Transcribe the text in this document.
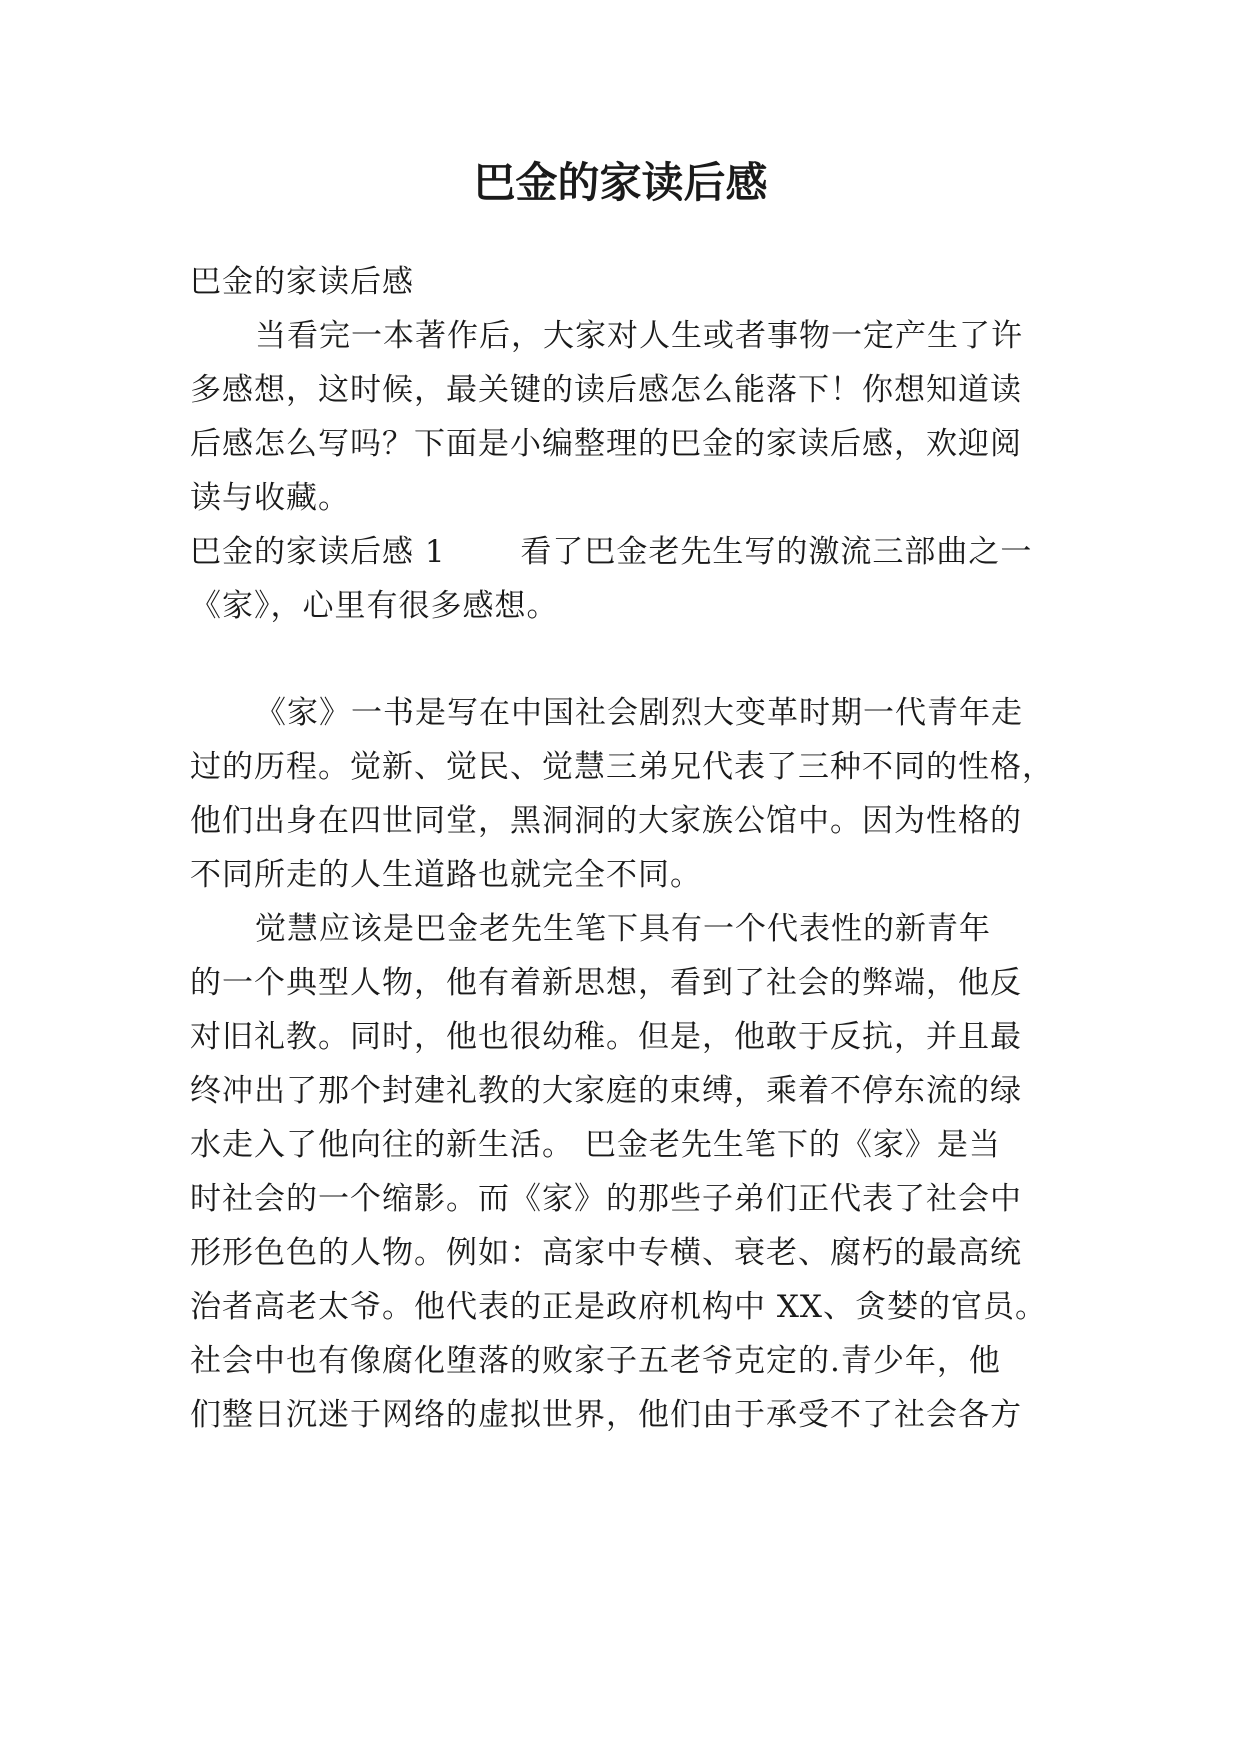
巴金的家读后感
巴金的家读后感
当看完一本著作后，大家对人生或者事物一定产生了许
多感想，这时候，最关键的读后感怎么能落下！你想知道读
后感怎么写吗？下面是小编整理的巴金的家读后感，欢迎阅
读与收藏。
巴金的家读后感 1　　 看了巴金老先生写的激流三部曲之一
《家》，心里有很多感想。
《家》一书是写在中国社会剧烈大变革时期一代青年走
过的历程。觉新、觉民、觉慧三弟兄代表了三种不同的性格，
他们出身在四世同堂，黑洞洞的大家族公馆中。因为性格的
不同所走的人生道路也就完全不同。
觉慧应该是巴金老先生笔下具有一个代表性的新青年
的一个典型人物，他有着新思想，看到了社会的弊端，他反
对旧礼教。同时，他也很幼稚。但是，他敢于反抗，并且最
终冲出了那个封建礼教的大家庭的束缚，乘着不停东流的绿
水走入了他向往的新生活。 巴金老先生笔下的《家》是当
时社会的一个缩影。而《家》的那些子弟们正代表了社会中
形形色色的人物。例如：高家中专横、衰老、腐朽的最高统
治者高老太爷。他代表的正是政府机构中 XX、贪婪的官员。
社会中也有像腐化堕落的败家子五老爷克定的.青少年，他
们整日沉迷于网络的虚拟世界，他们由于承受不了社会各方
